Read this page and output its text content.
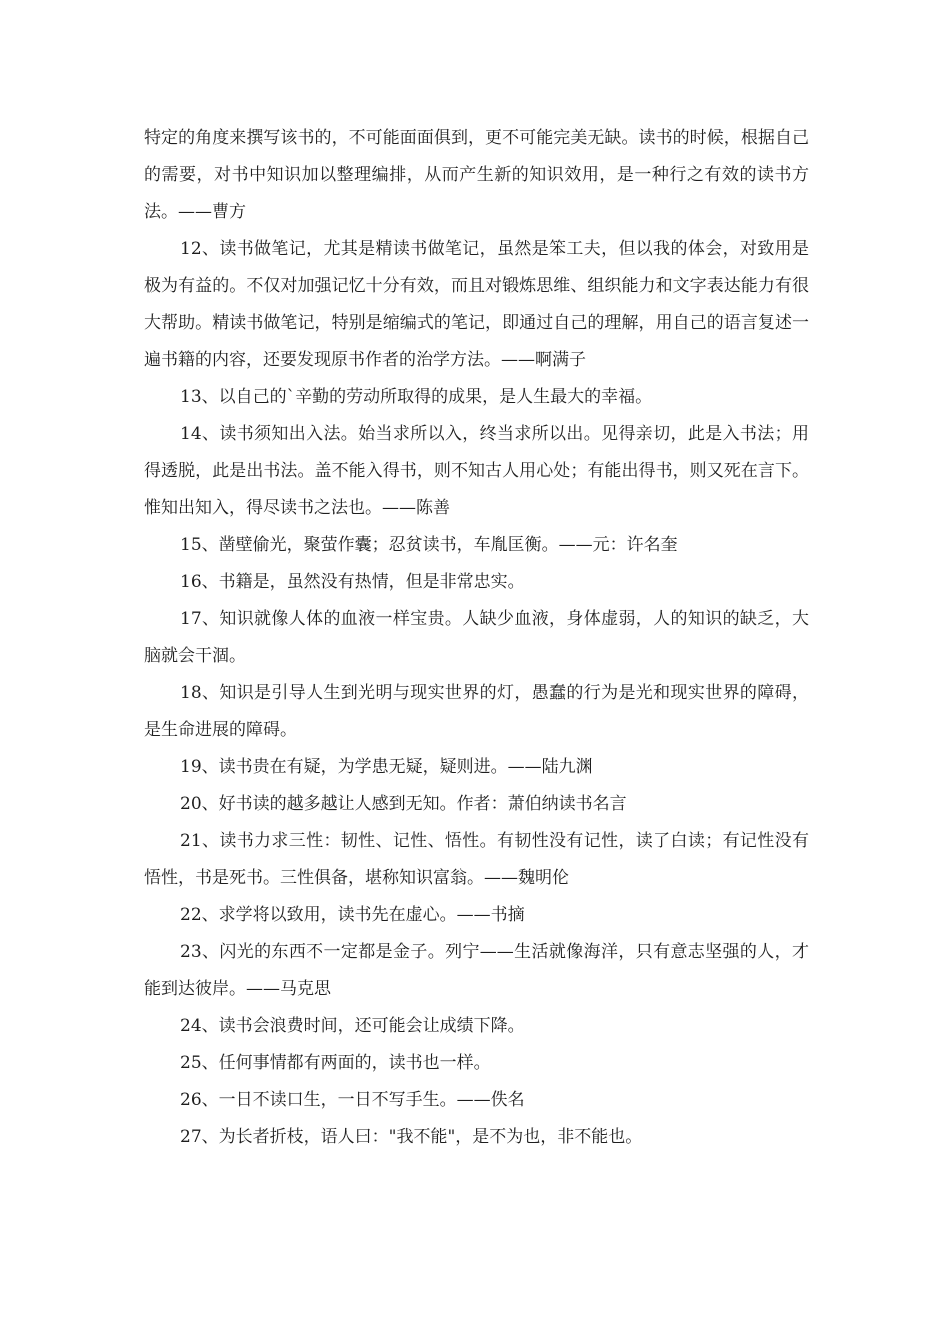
特定的角度来撰写该书的，不可能面面俱到，更不可能完美无缺。读书的时候，根据自己的需要，对书中知识加以整理编排，从而产生新的知识效用，是一种行之有效的读书方法。——曹方

12、读书做笔记，尤其是精读书做笔记，虽然是笨工夫，但以我的体会，对致用是极为有益的。不仅对加强记忆十分有效，而且对锻炼思维、组织能力和文字表达能力有很大帮助。精读书做笔记，特别是缩编式的笔记，即通过自己的理解，用自己的语言复述一遍书籍的内容，还要发现原书作者的治学方法。——啊满子

13、以自己的`辛勤的劳动所取得的成果，是人生最大的幸福。

14、读书须知出入法。始当求所以入，终当求所以出。见得亲切，此是入书法；用得透脱，此是出书法。盖不能入得书，则不知古人用心处；有能出得书，则又死在言下。惟知出知入，得尽读书之法也。——陈善

15、凿壁偷光，聚萤作囊；忍贫读书，车胤匡衡。——元：许名奎

16、书籍是，虽然没有热情，但是非常忠实。

17、知识就像人体的血液一样宝贵。人缺少血液，身体虚弱，人的知识的缺乏，大脑就会干涸。

18、知识是引导人生到光明与现实世界的灯，愚蠢的行为是光和现实世界的障碍，是生命进展的障碍。

19、读书贵在有疑，为学患无疑，疑则进。——陆九渊

20、好书读的越多越让人感到无知。作者：萧伯纳读书名言

21、读书力求三性：韧性、记性、悟性。有韧性没有记性，读了白读；有记性没有悟性，书是死书。三性俱备，堪称知识富翁。——魏明伦

22、求学将以致用，读书先在虚心。——书摘

23、闪光的东西不一定都是金子。列宁——生活就像海洋，只有意志坚强的人，才能到达彼岸。——马克思

24、读书会浪费时间，还可能会让成绩下降。

25、任何事情都有两面的，读书也一样。

26、一日不读口生，一日不写手生。——佚名

27、为长者折枝，语人曰："我不能"，是不为也，非不能也。
